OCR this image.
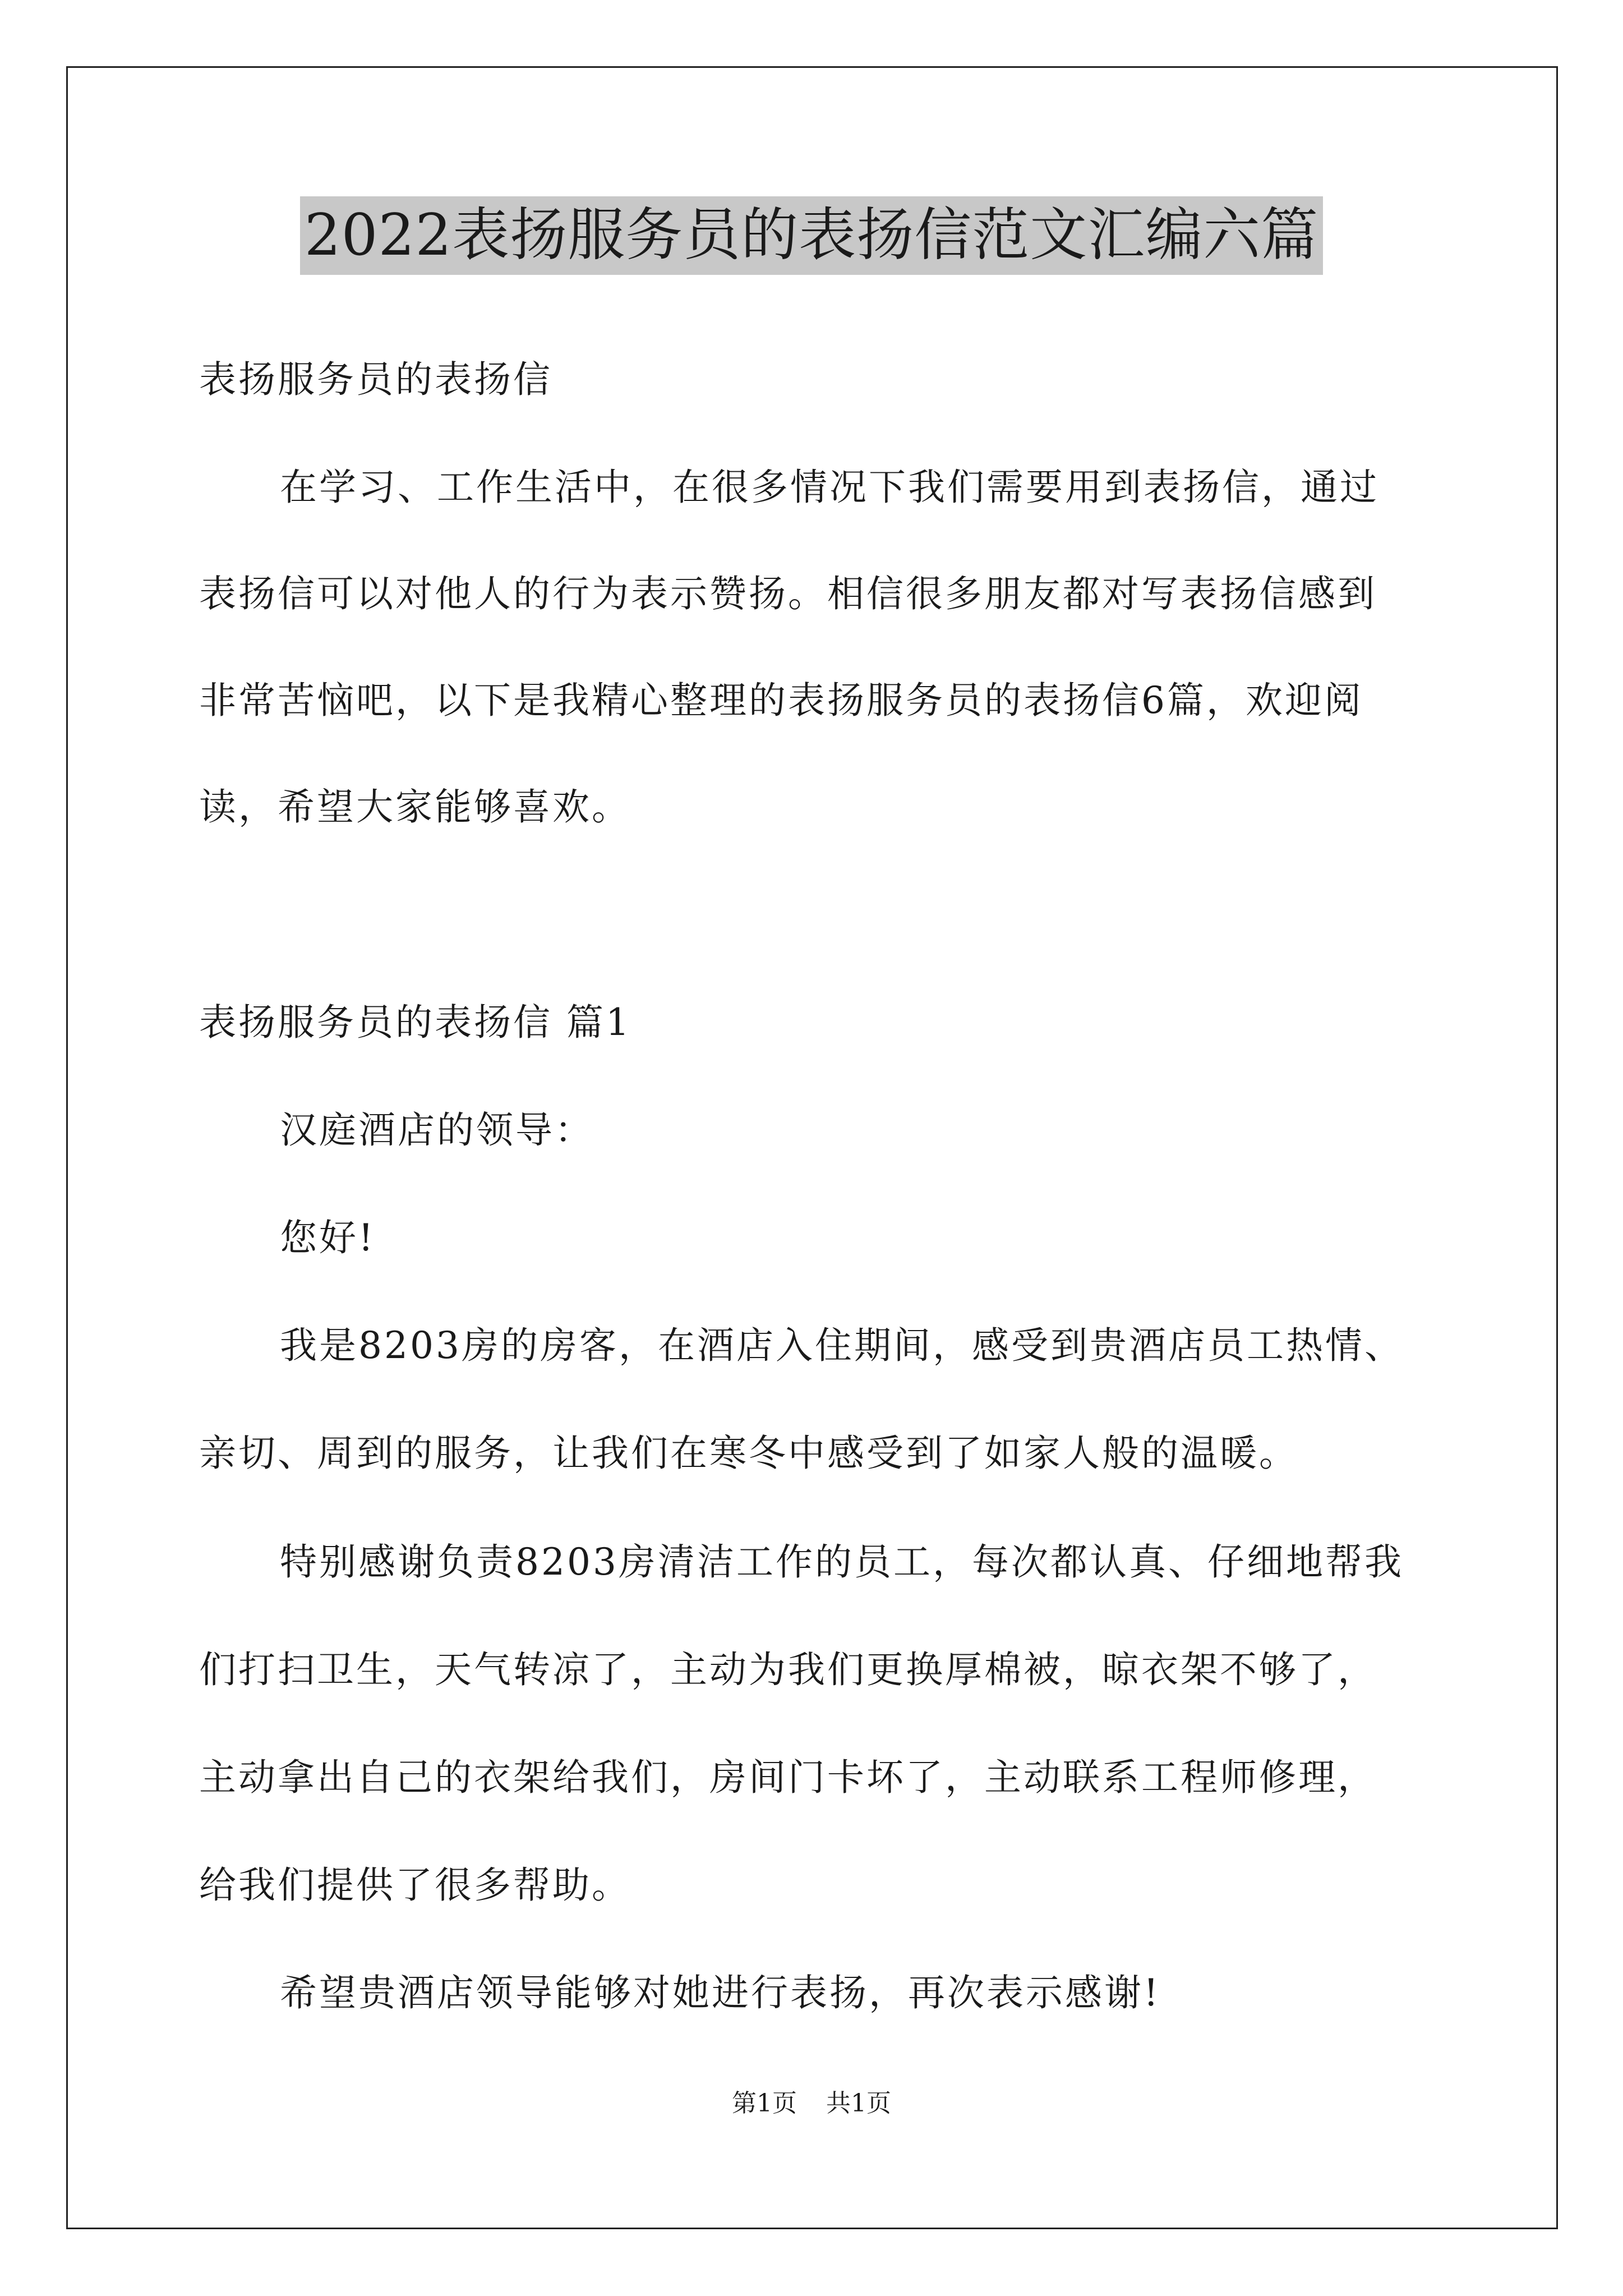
2022表扬服务员的表扬信范文汇编六篇
表扬服务员的表扬信
在学习、工作生活中，在很多情况下我们需要用到表扬信，通过
表扬信可以对他人的行为表示赞扬。相信很多朋友都对写表扬信感到
非常苦恼吧，以下是我精心整理的表扬服务员的表扬信6篇，欢迎阅
读，希望大家能够喜欢。
表扬服务员的表扬信 篇1
汉庭酒店的领导：
您好!
我是8203房的房客，在酒店入住期间，感受到贵酒店员工热情、
亲切、周到的服务，让我们在寒冬中感受到了如家人般的温暖。
特别感谢负责8203房清洁工作的员工，每次都认真、仔细地帮我
们打扫卫生，天气转凉了，主动为我们更换厚棉被，晾衣架不够了，
主动拿出自己的衣架给我们，房间门卡坏了，主动联系工程师修理，
给我们提供了很多帮助。
希望贵酒店领导能够对她进行表扬，再次表示感谢!
第1页 共1页
